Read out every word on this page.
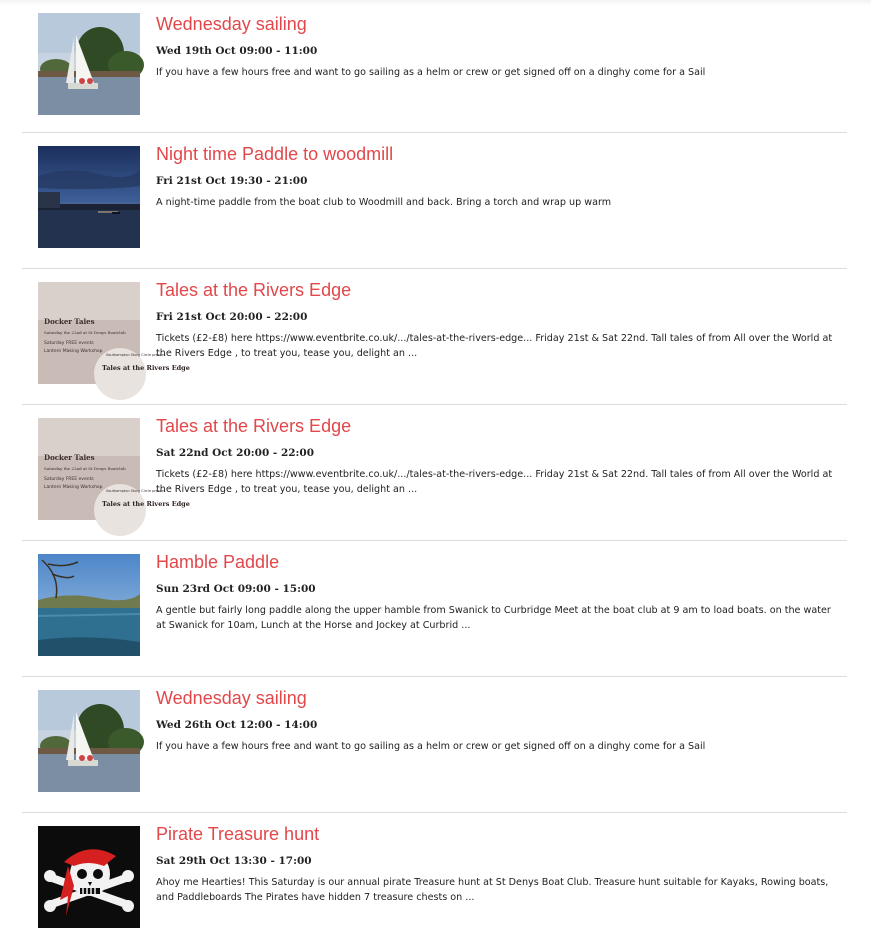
Wednesday sailing
Wed 19th Oct 09:00 - 11:00
If you have a few hours free and want to go sailing as a helm or crew or get signed off on a dinghy come for a Sail
Night time Paddle to woodmill
Fri 21st Oct 19:30 - 21:00
A night-time paddle from the boat club to Woodmill and back. Bring a torch and wrap up warm
Docker Tales
Saturday the 22nd at St Denys Boatclub
Saturday FREE events
Lantern Making Workshop
Tales at the Rivers Edge
Southampton Story Circle present
Tales at the Rivers Edge
Fri 21st Oct 20:00 - 22:00
Tickets (£2-£8) here https://www.eventbrite.co.uk/.../tales-at-the-rivers-edge... Friday 21st & Sat 22nd. Tall tales of from All over the World at the Rivers Edge , to treat you, tease you, delight an ...
Docker Tales
Saturday the 22nd at St Denys Boatclub
Saturday FREE events
Lantern Making Workshop
Tales at the Rivers Edge
Southampton Story Circle present
Tales at the Rivers Edge
Sat 22nd Oct 20:00 - 22:00
Tickets (£2-£8) here https://www.eventbrite.co.uk/.../tales-at-the-rivers-edge... Friday 21st & Sat 22nd. Tall tales of from All over the World at the Rivers Edge , to treat you, tease you, delight an ...
Hamble Paddle
Sun 23rd Oct 09:00 - 15:00
A gentle but fairly long paddle along the upper hamble from Swanick to Curbridge Meet at the boat club at 9 am to load boats. on the water at Swanick for 10am, Lunch at the Horse and Jockey at Curbrid ...
Wednesday sailing
Wed 26th Oct 12:00 - 14:00
If you have a few hours free and want to go sailing as a helm or crew or get signed off on a dinghy come for a Sail
Pirate Treasure hunt
Sat 29th Oct 13:30 - 17:00
Ahoy me Hearties! This Saturday is our annual pirate Treasure hunt at St Denys Boat Club. Treasure hunt suitable for Kayaks, Rowing boats, and Paddleboards The Pirates have hidden 7 treasure chests on ...
